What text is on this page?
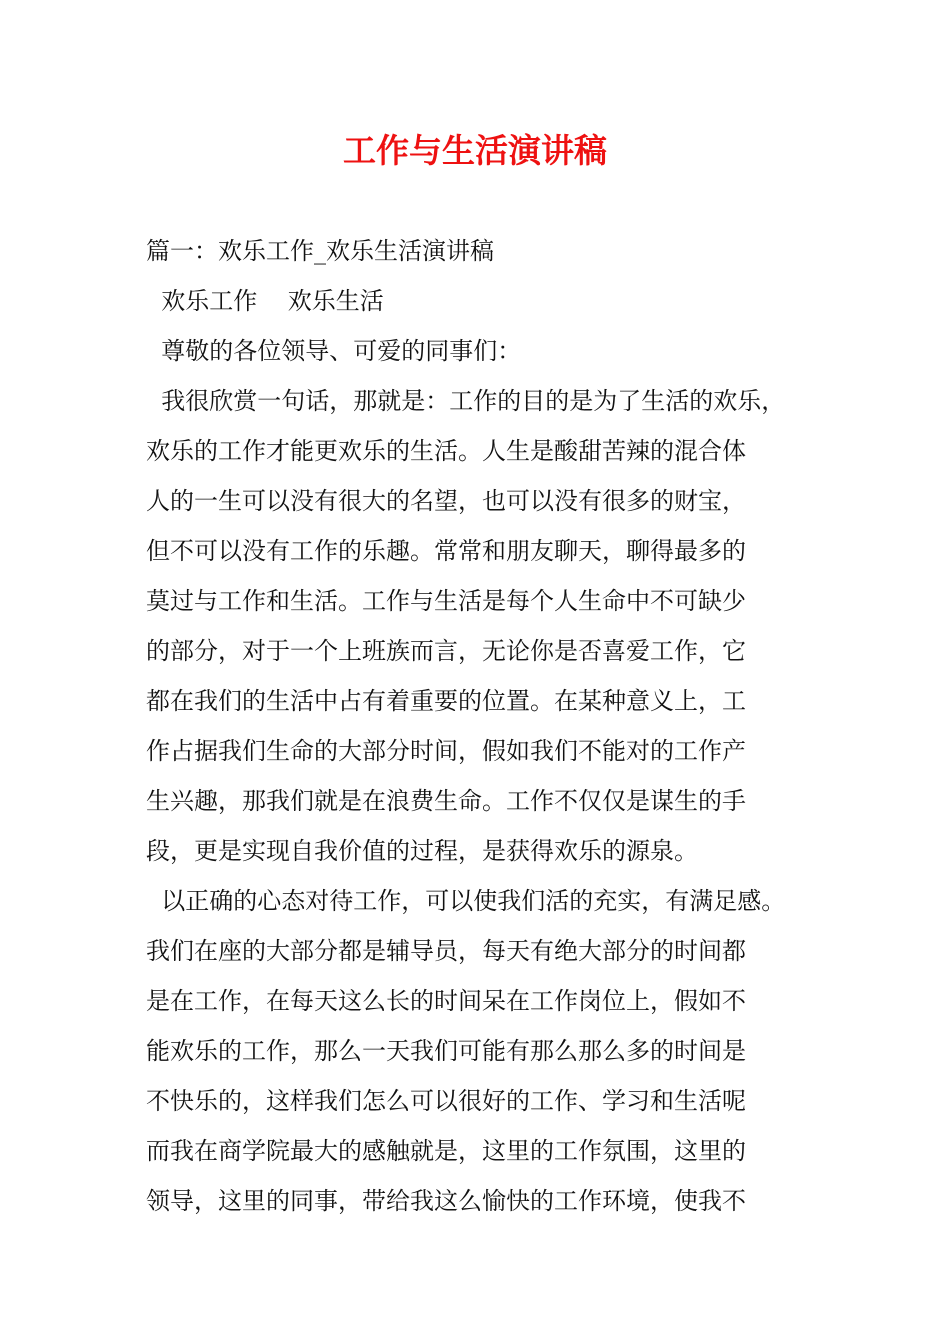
工作与生活演讲稿
篇一：欢乐工作_欢乐生活演讲稿
欢乐工作    欢乐生活
尊敬的各位领导、可爱的同事们：
我很欣赏一句话，那就是：工作的目的是为了生活的欢乐，
欢乐的工作才能更欢乐的生活。人生是酸甜苦辣的混合体
人的一生可以没有很大的名望，也可以没有很多的财宝，
但不可以没有工作的乐趣。常常和朋友聊天，聊得最多的
莫过与工作和生活。工作与生活是每个人生命中不可缺少
的部分，对于一个上班族而言，无论你是否喜爱工作，它
都在我们的生活中占有着重要的位置。在某种意义上，工
作占据我们生命的大部分时间，假如我们不能对的工作产
生兴趣，那我们就是在浪费生命。工作不仅仅是谋生的手
段，更是实现自我价值的过程，是获得欢乐的源泉。
以正确的心态对待工作，可以使我们活的充实，有满足感。
我们在座的大部分都是辅导员，每天有绝大部分的时间都
是在工作，在每天这么长的时间呆在工作岗位上，假如不
能欢乐的工作，那么一天我们可能有那么那么多的时间是
不快乐的，这样我们怎么可以很好的工作、学习和生活呢
而我在商学院最大的感触就是，这里的工作氛围，这里的
领导，这里的同事，带给我这么愉快的工作环境，使我不
